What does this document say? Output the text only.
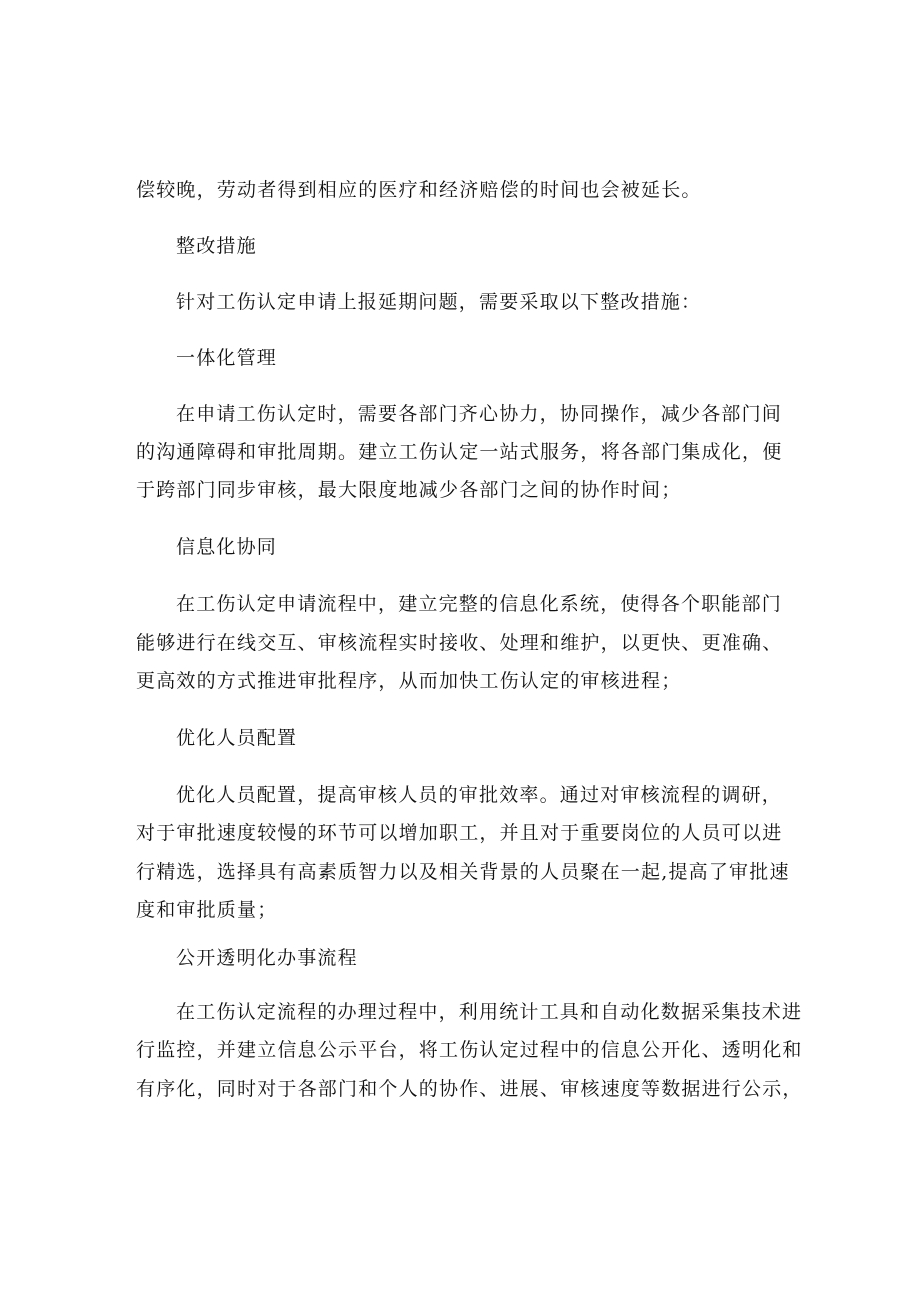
偿较晚，劳动者得到相应的医疗和经济赔偿的时间也会被延长。
整改措施
针对工伤认定申请上报延期问题，需要采取以下整改措施：
一体化管理
在申请工伤认定时，需要各部门齐心协力，协同操作，减少各部门间
的沟通障碍和审批周期。建立工伤认定一站式服务，将各部门集成化，便
于跨部门同步审核，最大限度地减少各部门之间的协作时间；
信息化协同
在工伤认定申请流程中，建立完整的信息化系统，使得各个职能部门
能够进行在线交互、审核流程实时接收、处理和维护，以更快、更准确、
更高效的方式推进审批程序，从而加快工伤认定的审核进程；
优化人员配置
优化人员配置，提高审核人员的审批效率。通过对审核流程的调研，
对于审批速度较慢的环节可以增加职工，并且对于重要岗位的人员可以进
行精选，选择具有高素质智力以及相关背景的人员聚在一起,提高了审批速
度和审批质量；
公开透明化办事流程
在工伤认定流程的办理过程中，利用统计工具和自动化数据采集技术进
行监控，并建立信息公示平台，将工伤认定过程中的信息公开化、透明化和
有序化，同时对于各部门和个人的协作、进展、审核速度等数据进行公示，
